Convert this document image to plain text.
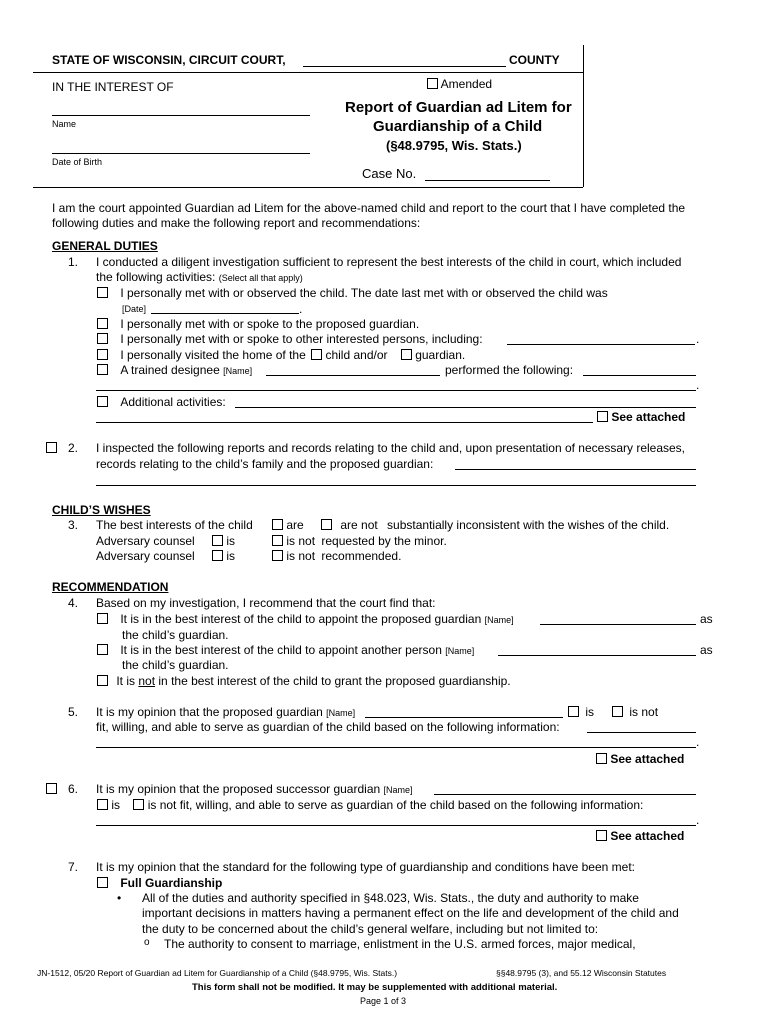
STATE OF WISCONSIN, CIRCUIT COURT,	COUNTY
IN THE INTEREST OF
Name
Date of Birth
Amended
Report of Guardian ad Litem for
Guardianship of a Child
(§48.9795, Wis. Stats.)
Case No.
I am the court appointed Guardian ad Litem for the above-named child and report to the court that I have completed the
following duties and make the following report and recommendations:
GENERAL DUTIES
1. I conducted a diligent investigation sufficient to represent the best interests of the child in court, which included
the following activities: (Select all that apply)
I personally met with or observed the child. The date last met with or observed the child was
[Date]	.
I personally met with or spoke to the proposed guardian.
I personally met with or spoke to other interested persons, including:	.
I personally visited the home of the child and/or guardian.
A trained designee [Name]	performed the following:
.
Additional activities:
See attached
2. I inspected the following reports and records relating to the child and, upon presentation of necessary releases,
records relating to the child’s family and the proposed guardian:
CHILD’S WISHES
3. The best interests of the child	are	are not substantially inconsistent with the wishes of the child.
Adversary counsel	is	is not requested by the minor.
Adversary counsel	is	is not recommended.
RECOMMENDATION
4. Based on my investigation, I recommend that the court find that:
It is in the best interest of the child to appoint the proposed guardian [Name]	as
the child’s guardian.
It is in the best interest of the child to appoint another person [Name]	as
the child’s guardian.
It is not in the best interest of the child to grant the proposed guardianship.
5. It is my opinion that the proposed guardian [Name]	is	is not
fit, willing, and able to serve as guardian of the child based on the following information:
.
See attached
6. It is my opinion that the proposed successor guardian [Name]
is is not fit, willing, and able to serve as guardian of the child based on the following information:
.
See attached
7. It is my opinion that the standard for the following type of guardianship and conditions have been met:
Full Guardianship
• All of the duties and authority specified in §48.023, Wis. Stats., the duty and authority to make
important decisions in matters having a permanent effect on the life and development of the child and
the duty to be concerned about the child’s general welfare, including but not limited to:
o The authority to consent to marriage, enlistment in the U.S. armed forces, major medical,
JN-1512, 05/20 Report of Guardian ad Litem for Guardianship of a Child (§48.9795, Wis. Stats.)	§§48.9795 (3), and 55.12 Wisconsin Statutes
This form shall not be modified. It may be supplemented with additional material.
Page 1 of 3
